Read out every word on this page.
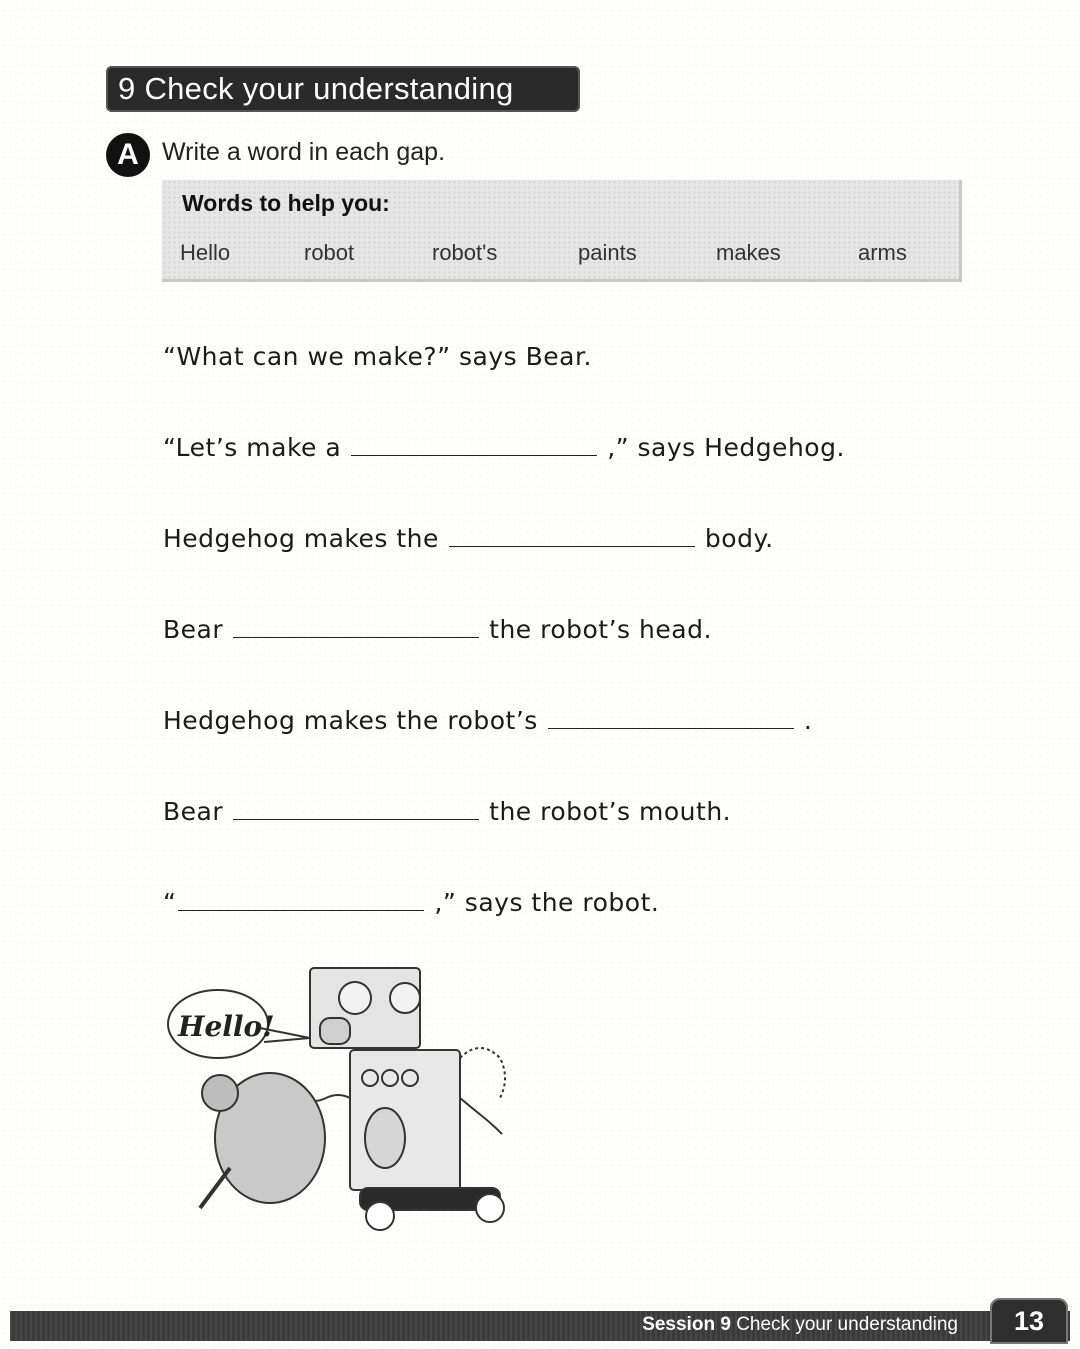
9 Check your understanding
A Write a word in each gap.
Words to help you:
Hello	robot	robot's	paints	makes	arms
“What can we make?” says Bear.
“Let’s make a	,” says Hedgehog.
Hedgehog makes the	body.
Bear	the robot’s head.
Hedgehog makes the robot’s	.
Bear	the robot’s mouth.
“	,” says the robot.
Hello!
Session 9 Check your understanding	13
